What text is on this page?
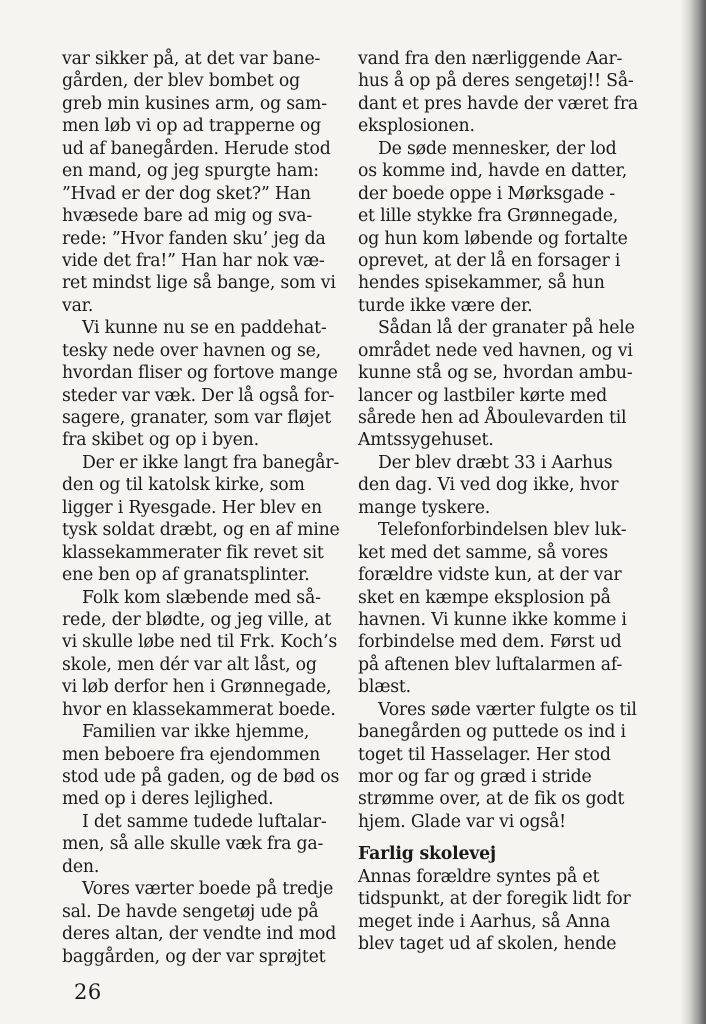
var sikker på, at det var bane-
gården, der blev bombet og
greb min kusines arm, og sam-
men løb vi op ad trapperne og
ud af banegården. Herude stod
en mand, og jeg spurgte ham:
”Hvad er der dog sket?” Han
hvæsede bare ad mig og sva-
rede: ”Hvor fanden sku’ jeg da
vide det fra!” Han har nok væ-
ret mindst lige så bange, som vi
var.
Vi kunne nu se en paddehat-
tesky nede over havnen og se,
hvordan fliser og fortove mange
steder var væk. Der lå også for-
sagere, granater, som var fløjet
fra skibet og op i byen.
Der er ikke langt fra banegår-
den og til katolsk kirke, som
ligger i Ryesgade. Her blev en
tysk soldat dræbt, og en af mine
klassekammerater fik revet sit
ene ben op af granatsplinter.
Folk kom slæbende med så-
rede, der blødte, og jeg ville, at
vi skulle løbe ned til Frk. Koch’s
skole, men dér var alt låst, og
vi løb derfor hen i Grønnegade,
hvor en klassekammerat boede.
Familien var ikke hjemme,
men beboere fra ejendommen
stod ude på gaden, og de bød os
med op i deres lejlighed.
I det samme tudede luftalar-
men, så alle skulle væk fra ga-
den.
Vores værter boede på tredje
sal. De havde sengetøj ude på
deres altan, der vendte ind mod
baggården, og der var sprøjtet
vand fra den nærliggende Aar-
hus å op på deres sengetøj!! Så-
dant et pres havde der været fra
eksplosionen.
De søde mennesker, der lod
os komme ind, havde en datter,
der boede oppe i Mørksgade -
et lille stykke fra Grønnegade,
og hun kom løbende og fortalte
oprevet, at der lå en forsager i
hendes spisekammer, så hun
turde ikke være der.
Sådan lå der granater på hele
området nede ved havnen, og vi
kunne stå og se, hvordan ambu-
lancer og lastbiler kørte med
sårede hen ad Åboulevarden til
Amtssygehuset.
Der blev dræbt 33 i Aarhus
den dag. Vi ved dog ikke, hvor
mange tyskere.
Telefonforbindelsen blev luk-
ket med det samme, så vores
forældre vidste kun, at der var
sket en kæmpe eksplosion på
havnen. Vi kunne ikke komme i
forbindelse med dem. Først ud
på aftenen blev luftalarmen af-
blæst.
Vores søde værter fulgte os til
banegården og puttede os ind i
toget til Hasselager. Her stod
mor og far og græd i stride
strømme over, at de fik os godt
hjem. Glade var vi også!
Farlig skolevej
Annas forældre syntes på et
tidspunkt, at der foregik lidt for
meget inde i Aarhus, så Anna
blev taget ud af skolen, hende
26
